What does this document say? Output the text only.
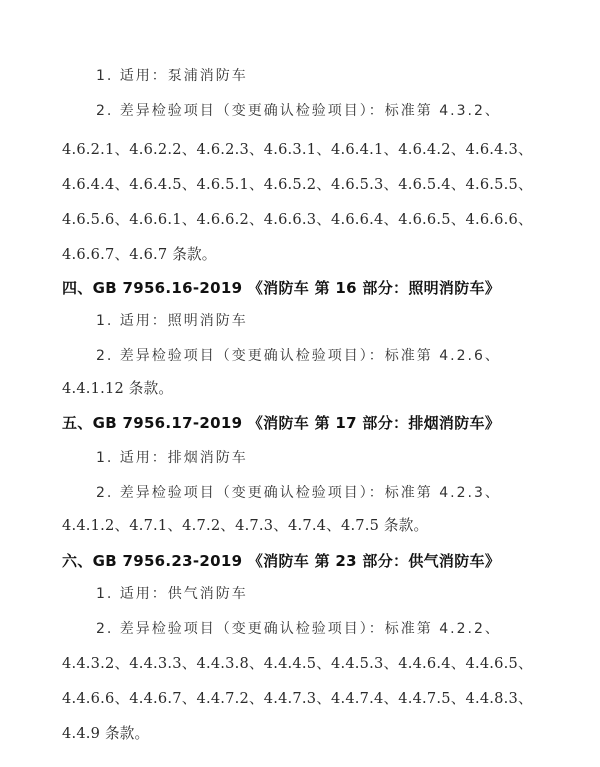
1. 适用：泵浦消防车
2. 差异检验项目（变更确认检验项目）：标准第 4.3.2、
4.6.2.1、4.6.2.2、4.6.2.3、4.6.3.1、4.6.4.1、4.6.4.2、4.6.4.3、
4.6.4.4、4.6.4.5、4.6.5.1、4.6.5.2、4.6.5.3、4.6.5.4、4.6.5.5、
4.6.5.6、4.6.6.1、4.6.6.2、4.6.6.3、4.6.6.4、4.6.6.5、4.6.6.6、
4.6.6.7、4.6.7 条款。
四、GB 7956.16-2019 《消防车 第 16 部分：照明消防车》
1. 适用：照明消防车
2. 差异检验项目（变更确认检验项目）：标准第 4.2.6、
4.4.1.12 条款。
五、GB 7956.17-2019 《消防车 第 17 部分：排烟消防车》
1. 适用：排烟消防车
2. 差异检验项目（变更确认检验项目）：标准第 4.2.3、
4.4.1.2、4.7.1、4.7.2、4.7.3、4.7.4、4.7.5 条款。
六、GB 7956.23-2019 《消防车 第 23 部分：供气消防车》
1. 适用：供气消防车
2. 差异检验项目（变更确认检验项目）：标准第 4.2.2、
4.4.3.2、4.4.3.3、4.4.3.8、4.4.4.5、4.4.5.3、4.4.6.4、4.4.6.5、
4.4.6.6、4.4.6.7、4.4.7.2、4.4.7.3、4.4.7.4、4.4.7.5、4.4.8.3、
4.4.9 条款。
